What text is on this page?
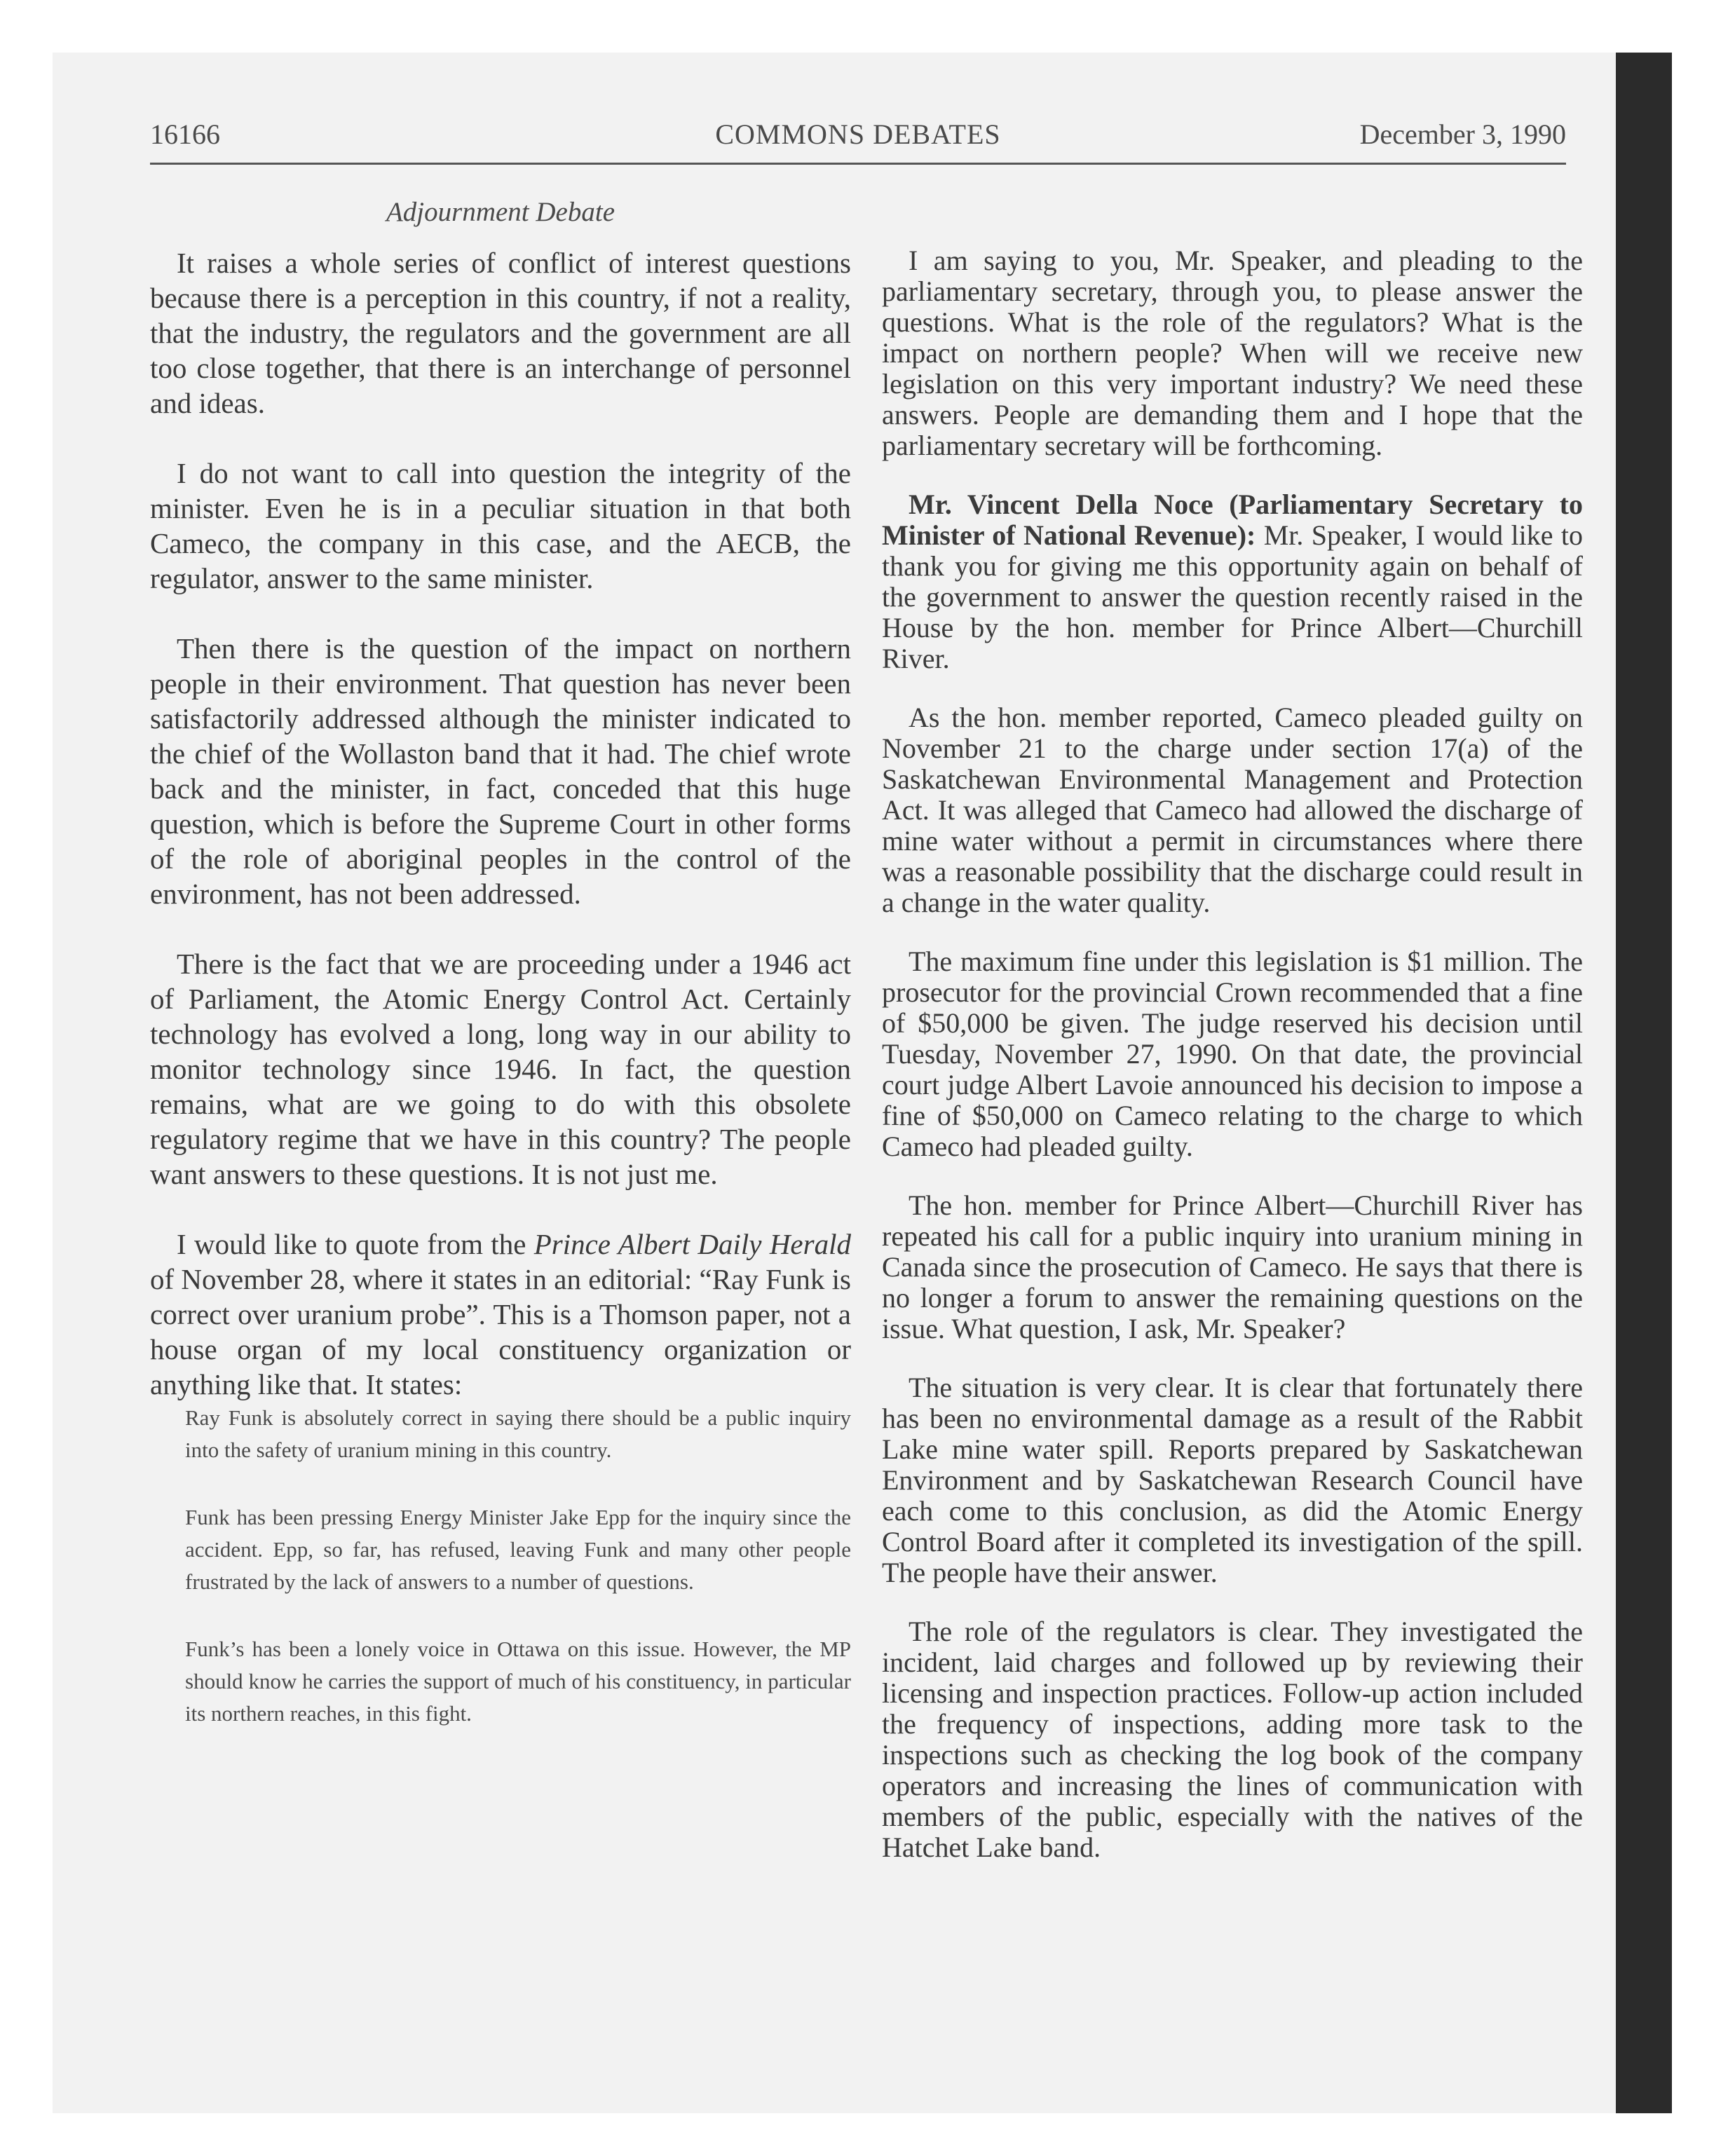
16166	COMMONS DEBATES	December 3, 1990
Adjournment Debate

It raises a whole series of conflict of interest questions because there is a perception in this country, if not a reality, that the industry, the regulators and the government are all too close together, that there is an interchange of personnel and ideas.

I do not want to call into question the integrity of the minister. Even he is in a peculiar situation in that both Cameco, the company in this case, and the AECB, the regulator, answer to the same minister.

Then there is the question of the impact on northern people in their environment. That question has never been satisfactorily addressed although the minister indicated to the chief of the Wollaston band that it had. The chief wrote back and the minister, in fact, conceded that this huge question, which is before the Supreme Court in other forms of the role of aboriginal peoples in the control of the environment, has not been addressed.

There is the fact that we are proceeding under a 1946 act of Parliament, the Atomic Energy Control Act. Certainly technology has evolved a long, long way in our ability to monitor technology since 1946. In fact, the question remains, what are we going to do with this obsolete regulatory regime that we have in this country? The people want answers to these questions. It is not just me.

I would like to quote from the Prince Albert Daily Herald of November 28, where it states in an editorial: “Ray Funk is correct over uranium probe”. This is a Thomson paper, not a house organ of my local constituency organization or anything like that. It states:

Ray Funk is absolutely correct in saying there should be a public inquiry into the safety of uranium mining in this country.

Funk has been pressing Energy Minister Jake Epp for the inquiry since the accident. Epp, so far, has refused, leaving Funk and many other people frustrated by the lack of answers to a number of questions.

Funk’s has been a lonely voice in Ottawa on this issue. However, the MP should know he carries the support of much of his constituency, in particular its northern reaches, in this fight.

I am saying to you, Mr. Speaker, and pleading to the parliamentary secretary, through you, to please answer the questions. What is the role of the regulators? What is the impact on northern people? When will we receive new legislation on this very important industry? We need these answers. People are demanding them and I hope that the parliamentary secretary will be forthcoming.

Mr. Vincent Della Noce (Parliamentary Secretary to Minister of National Revenue): Mr. Speaker, I would like to thank you for giving me this opportunity again on behalf of the government to answer the question recently raised in the House by the hon. member for Prince Albert—Churchill River.

As the hon. member reported, Cameco pleaded guilty on November 21 to the charge under section 17(a) of the Saskatchewan Environmental Management and Protection Act. It was alleged that Cameco had allowed the discharge of mine water without a permit in circumstances where there was a reasonable possibility that the discharge could result in a change in the water quality.

The maximum fine under this legislation is $1 million. The prosecutor for the provincial Crown recommended that a fine of $50,000 be given. The judge reserved his decision until Tuesday, November 27, 1990. On that date, the provincial court judge Albert Lavoie announced his decision to impose a fine of $50,000 on Cameco relating to the charge to which Cameco had pleaded guilty.

The hon. member for Prince Albert—Churchill River has repeated his call for a public inquiry into uranium mining in Canada since the prosecution of Cameco. He says that there is no longer a forum to answer the remaining questions on the issue. What question, I ask, Mr. Speaker?

The situation is very clear. It is clear that fortunately there has been no environmental damage as a result of the Rabbit Lake mine water spill. Reports prepared by Saskatchewan Environment and by Saskatchewan Research Council have each come to this conclusion, as did the Atomic Energy Control Board after it completed its investigation of the spill. The people have their answer.

The role of the regulators is clear. They investigated the incident, laid charges and followed up by reviewing their licensing and inspection practices. Follow-up action included the frequency of inspections, adding more task to the inspections such as checking the log book of the company operators and increasing the lines of communication with members of the public, especially with the natives of the Hatchet Lake band.
